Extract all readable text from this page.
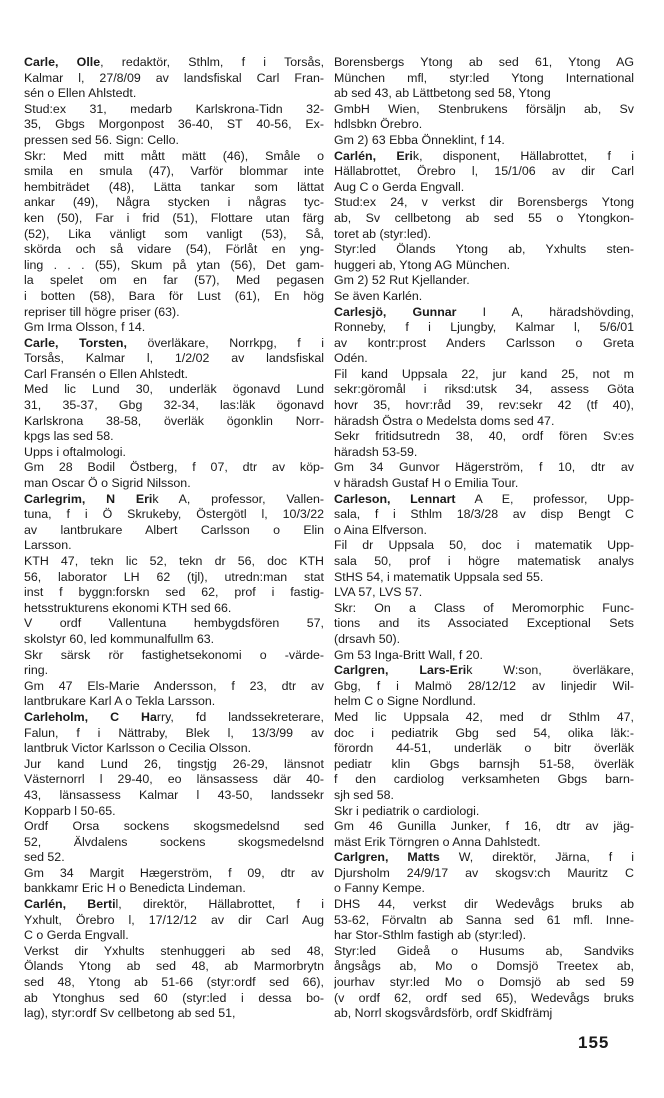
Carle, Olle, redaktör, Sthlm, f i Torsås,
Kalmar l, 27/8/09 av landsfiskal Carl Fran-
sén o Ellen Ahlstedt.
Stud:ex 31, medarb Karlskrona-Tidn 32-
35, Gbgs Morgonpost 36-40, ST 40-56, Ex-
pressen sed 56. Sign: Cello.
Skr: Med mitt mått mätt (46), Smålе о
smila en smula (47), Varför blommar inte
hembiträdet (48), Lätta tankar som lättat
ankar (49), Några stycken i någras tyc-
ken (50), Far i frid (51), Flottare utan färg
(52), Lika vänligt som vanligt (53), Så,
skörda och så vidare (54), Förlåt en yng-
ling . . . (55), Skum på ytan (56), Det gam-
la spelet om en far (57), Med pegasen
i botten (58), Bara för Lust (61), En hög
repriser till högre priser (63).
Gm Irma Olsson, f 14.
Carle, Torsten, överläkare, Norrkpg, f i
Torsås, Kalmar l, 1/2/02 av landsfiskal
Carl Fransén o Ellen Ahlstedt.
Med lic Lund 30, underläk ögonavd Lund
31, 35-37, Gbg 32-34, las:läk ögonavd
Karlskrona 38-58, överläk ögonklin Norr-
kpgs las sed 58.
Upps i oftalmologi.
Gm 28 Bodil Östberg, f 07, dtr av köp-
man Oscar Ö o Sigrid Nilsson.
Carlegrim, N Erik A, professor, Vallen-
tuna, f i Ö Skrukeby, Östergötl l, 10/3/22
av lantbrukare Albert Carlsson o Elin
Larsson.
KTH 47, tekn lic 52, tekn dr 56, doc KTH
56, laborator LH 62 (tjl), utredn:man stat
inst f byggn:forskn sed 62, prof i fastig-
hetsstrukturens ekonomi KTH sed 66.
V ordf Vallentuna hembygdsfören 57,
skolstyr 60, led kommunalfullm 63.
Skr särsk rör fastighetsekonomi o -värde-
ring.
Gm 47 Els-Marie Andersson, f 23, dtr av
lantbrukare Karl A o Tekla Larsson.
Carleholm, C Harry, fd landssekreterare,
Falun, f i Nättraby, Blek l, 13/3/99 av
lantbruk Victor Karlsson o Cecilia Olsson.
Jur kand Lund 26, tingstjg 26-29, länsnot
Västernorrl l 29-40, eo länsassess där 40-
43, länsassess Kalmar l 43-50, landssekr
Kopparb l 50-65.
Ordf Orsa sockens skogsmedelsnd sed
52, Älvdalens sockens skogsmedelsnd
sed 52.
Gm 34 Margit Hægerström, f 09, dtr av
bankkamr Eric H o Benedicta Lindeman.
Carlén, Bertil, direktör, Hällabrottet, f i
Yxhult, Örebro l, 17/12/12 av dir Carl Aug
C o Gerda Engvall.
Verkst dir Yxhults stenhuggeri ab sed 48,
Ölands Ytong ab sed 48, ab Marmorbrytn
sed 48, Ytong ab 51-66 (styr:ordf sed 66),
ab Ytonghus sed 60 (styr:led i dessa bo-
lag), styr:ordf Sv cellbetong ab sed 51,
Borensbergs Ytong ab sed 61, Ytong AG
München mfl, styr:led Ytong International
ab sed 43, ab Lättbetong sed 58, Ytong
GmbH Wien, Stenbrukens försäljn ab, Sv
hdlsbkn Örebro.
Gm 2) 63 Ebba Önneklint, f 14.
Carlén, Erik, disponent, Hällabrottet, f i
Hällabrottet, Örebro l, 15/1/06 av dir Carl
Aug C o Gerda Engvall.
Stud:ex 24, v verkst dir Borensbergs Ytong
ab, Sv cellbetong ab sed 55 o Ytongkon-
toret ab (styr:led).
Styr:led Ölands Ytong ab, Yxhults sten-
huggeri ab, Ytong AG München.
Gm 2) 52 Rut Kjellander.
Se även Karlén.
Carlesjö, Gunnar I A, häradshövding,
Ronneby, f i Ljungby, Kalmar l, 5/6/01
av kontr:prost Anders Carlsson o Greta
Odén.
Fil kand Uppsala 22, jur kand 25, not m
sekr:göromål i riksd:utsk 34, assess Göta
hovr 35, hovr:råd 39, rev:sekr 42 (tf 40),
häradsh Östra o Medelsta doms sed 47.
Sekr fritidsutredn 38, 40, ordf fören Sv:es
häradsh 53-59.
Gm 34 Gunvor Hägerström, f 10, dtr av
v häradsh Gustaf H o Emilia Tour.
Carleson, Lennart A E, professor, Upp-
sala, f i Sthlm 18/3/28 av disp Bengt C
o Aina Elfverson.
Fil dr Uppsala 50, doc i matematik Upp-
sala 50, prof i högre matematisk analys
StHS 54, i matematik Uppsala sed 55.
LVA 57, LVS 57.
Skr: On a Class of Meromorphic Func-
tions and its Associated Exceptional Sets
(drsavh 50).
Gm 53 Inga-Britt Wall, f 20.
Carlgren, Lars-Erik W:son, överläkare,
Gbg, f i Malmö 28/12/12 av linjedir Wil-
helm C o Signe Nordlund.
Med lic Uppsala 42, med dr Sthlm 47,
doc i pediatrik Gbg sed 54, olika läk:-
förordn 44-51, underläk o bitr överläk
pediatr klin Gbgs barnsjh 51-58, överläk
f den cardiolog verksamheten Gbgs barn-
sjh sed 58.
Skr i pediatrik o cardiologi.
Gm 46 Gunilla Junker, f 16, dtr av jäg-
mäst Erik Törngren o Anna Dahlstedt.
Carlgren, Matts W, direktör, Järna, f i
Djursholm 24/9/17 av skogsv:ch Mauritz C
o Fanny Kempe.
DHS 44, verkst dir Wedevågs bruks ab
53-62, Förvaltn ab Sanna sed 61 mfl. Inne-
har Stor-Sthlm fastigh ab (styr:led).
Styr:led Gideå o Husums ab, Sandviks
ångsågs ab, Mo o Domsjö Treetex ab,
jourhav styr:led Mo o Domsjö ab sed 59
(v ordf 62, ordf sed 65), Wedevågs bruks
ab, Norrl skogsvårdsförb, ordf Skidfrämj
155
